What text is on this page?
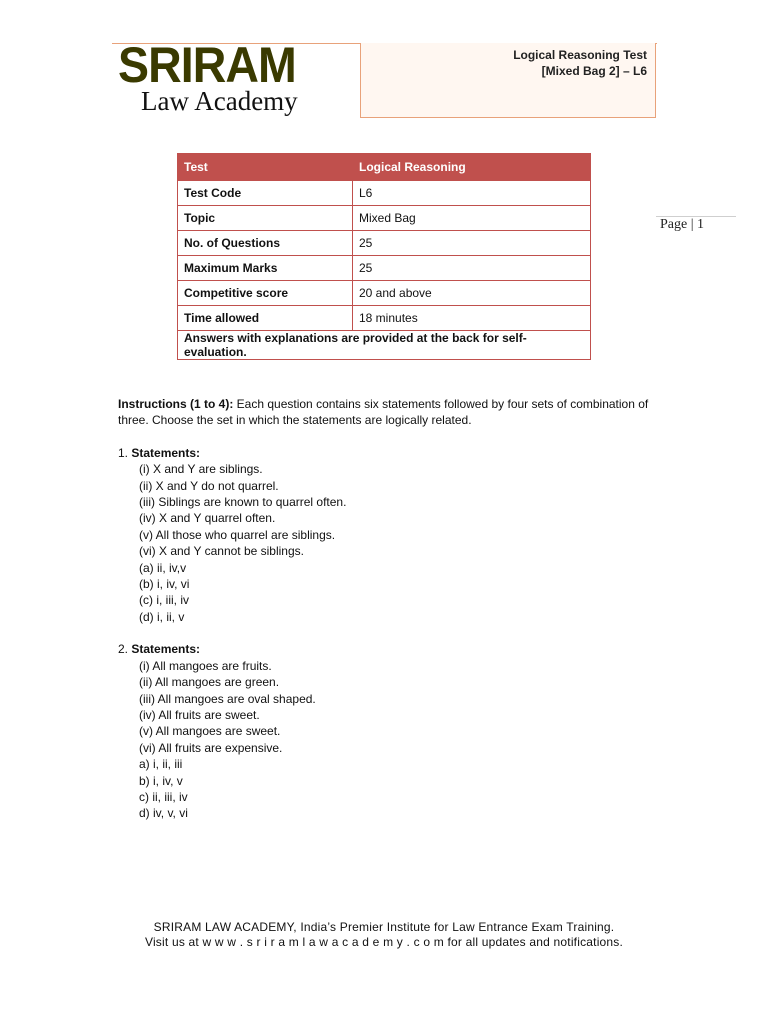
Logical Reasoning Test
[Mixed Bag 2] – L6
SRIRAM
Law Academy
Page | 1
Test	Logical Reasoning
Test Code	L6
Topic	Mixed Bag
No. of Questions	25
Maximum Marks	25
Competitive score	20 and above
Time allowed	18 minutes
Answers with explanations are provided at the back for self-evaluation.	

Instructions (1 to 4): Each question contains six statements followed by four sets of combination of three. Choose the set in which the statements are logically related.

1. Statements:

(i) X and Y are siblings.

(ii) X and Y do not quarrel.

(iii) Siblings are known to quarrel often.

(iv) X and Y quarrel often.

(v) All those who quarrel are siblings.

(vi) X and Y cannot be siblings.

(a) ii, iv,v

(b) i, iv, vi

(c) i, iii, iv

(d) i, ii, v

2. Statements:

(i) All mangoes are fruits.

(ii) All mangoes are green.

(iii) All mangoes are oval shaped.

(iv) All fruits are sweet.

(v) All mangoes are sweet.

(vi) All fruits are expensive.

a) i, ii, iii

b) i, iv, v

c) ii, iii, iv

d) iv, v, vi

SRIRAM LAW ACADEMY, India’s Premier Institute for Law Entrance Exam Training.
Visit us at w w w . s r i r a m l a w a c a d e m y . c o m for all updates and notifications.
